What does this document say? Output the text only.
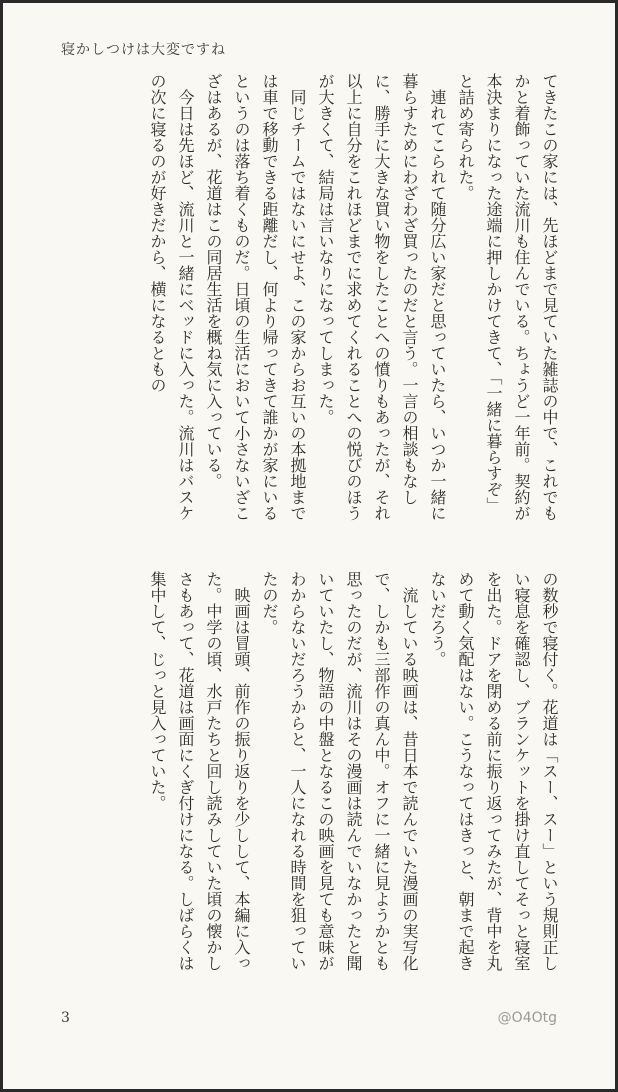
寝かしつけは大変ですね

てきたこの家には、先ほどまで見ていた雑誌の中で、これでもかと着飾っていた流川も住んでいる。ちょうど一年前。契約が本決まりになった途端に押しかけてきて、「一緒に暮らすぞ」と詰め寄られた。

連れてこられて随分広い家だと思っていたら、いつか一緒に暮らすためにわざわざ買ったのだと言う。一言の相談もなしに、勝手に大きな買い物をしたことへの憤りもあったが、それ以上に自分をこれほどまでに求めてくれることへの悦びのほうが大きくて、結局は言いなりになってしまった。

同じチームではないにせよ、この家からお互いの本拠地までは車で移動できる距離だし、何より帰ってきて誰かが家にいるというのは落ち着くものだ。日頃の生活において小さないざこざはあるが、花道はこの同居生活を概ね気に入っている。

今日は先ほど、流川と一緒にベッドに入った。流川はバスケの次に寝るのが好きだから、横になるともの

の数秒で寝付く。花道は「スー、スー」という規則正しい寝息を確認し、ブランケットを掛け直してそっと寝室を出た。ドアを閉める前に振り返ってみたが、背中を丸めて動く気配はない。こうなってはきっと、朝まで起きないだろう。

流している映画は、昔日本で読んでいた漫画の実写化で、しかも三部作の真ん中。オフに一緒に見ようかとも思ったのだが、流川はその漫画は読んでいなかったと聞いていたし、物語の中盤となるこの映画を見ても意味がわからないだろうからと、一人になれる時間を狙っていたのだ。

映画は冒頭、前作の振り返りを少しして、本編に入った。中学の頃、水戸たちと回し読みしていた頃の懐かしさもあって、花道は画面にくぎ付けになる。しばらくは集中して、じっと見入っていた。

3	@O4Otg
